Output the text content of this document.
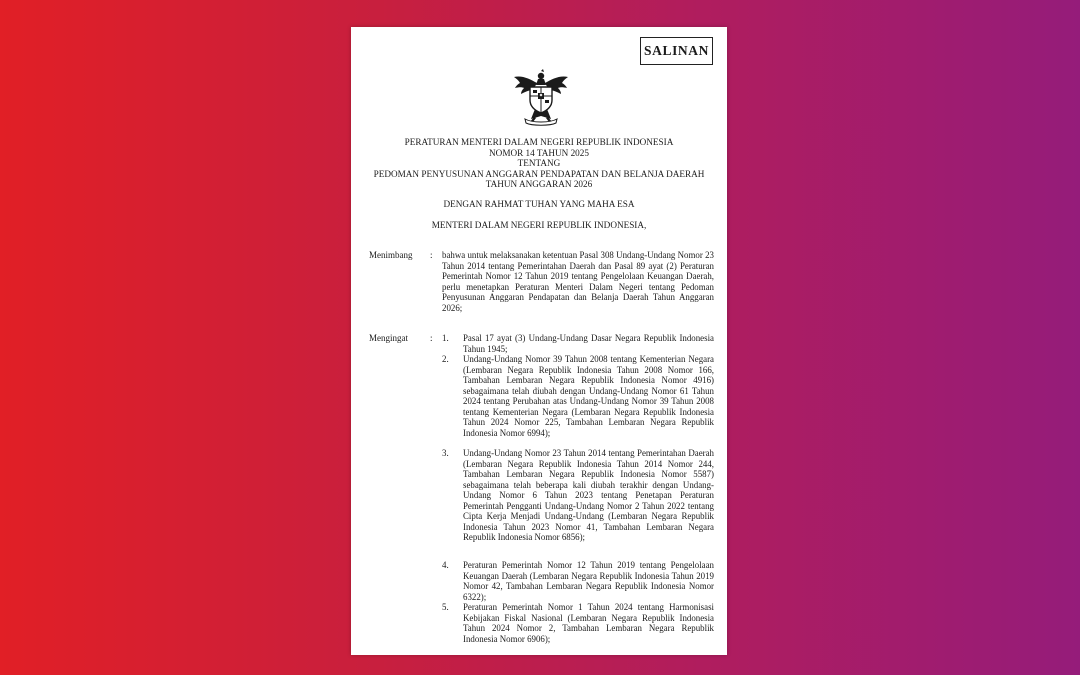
SALINAN
PERATURAN MENTERI DALAM NEGERI REPUBLIK INDONESIA
NOMOR 14 TAHUN 2025
TENTANG
PEDOMAN PENYUSUNAN ANGGARAN PENDAPATAN DAN BELANJA DAERAH
TAHUN ANGGARAN 2026
DENGAN RAHMAT TUHAN YANG MAHA ESA
MENTERI DALAM NEGERI REPUBLIK INDONESIA,
Menimbang : bahwa untuk melaksanakan ketentuan Pasal 308 Undang-Undang Nomor 23 Tahun 2014 tentang Pemerintahan Daerah dan Pasal 89 ayat (2) Peraturan Pemerintah Nomor 12 Tahun 2019 tentang Pengelolaan Keuangan Daerah, perlu menetapkan Peraturan Menteri Dalam Negeri tentang Pedoman Penyusunan Anggaran Pendapatan dan Belanja Daerah Tahun Anggaran 2026;
Mengingat : 1. Pasal 17 ayat (3) Undang-Undang Dasar Negara Republik Indonesia Tahun 1945;
2. Undang-Undang Nomor 39 Tahun 2008 tentang Kementerian Negara (Lembaran Negara Republik Indonesia Tahun 2008 Nomor 166, Tambahan Lembaran Negara Republik Indonesia Nomor 4916) sebagaimana telah diubah dengan Undang-Undang Nomor 61 Tahun 2024 tentang Perubahan atas Undang-Undang Nomor 39 Tahun 2008 tentang Kementerian Negara (Lembaran Negara Republik Indonesia Tahun 2024 Nomor 225, Tambahan Lembaran Negara Republik Indonesia Nomor 6994);
3. Undang-Undang Nomor 23 Tahun 2014 tentang Pemerintahan Daerah (Lembaran Negara Republik Indonesia Tahun 2014 Nomor 244, Tambahan Lembaran Negara Republik Indonesia Nomor 5587) sebagaimana telah beberapa kali diubah terakhir dengan Undang-Undang Nomor 6 Tahun 2023 tentang Penetapan Peraturan Pemerintah Pengganti Undang-Undang Nomor 2 Tahun 2022 tentang Cipta Kerja Menjadi Undang-Undang (Lembaran Negara Republik Indonesia Tahun 2023 Nomor 41, Tambahan Lembaran Negara Republik Indonesia Nomor 6856);
4. Peraturan Pemerintah Nomor 12 Tahun 2019 tentang Pengelolaan Keuangan Daerah (Lembaran Negara Republik Indonesia Tahun 2019 Nomor 42, Tambahan Lembaran Negara Republik Indonesia Nomor 6322);
5. Peraturan Pemerintah Nomor 1 Tahun 2024 tentang Harmonisasi Kebijakan Fiskal Nasional (Lembaran Negara Republik Indonesia Tahun 2024 Nomor 2, Tambahan Lembaran Negara Republik Indonesia Nomor 6906);
